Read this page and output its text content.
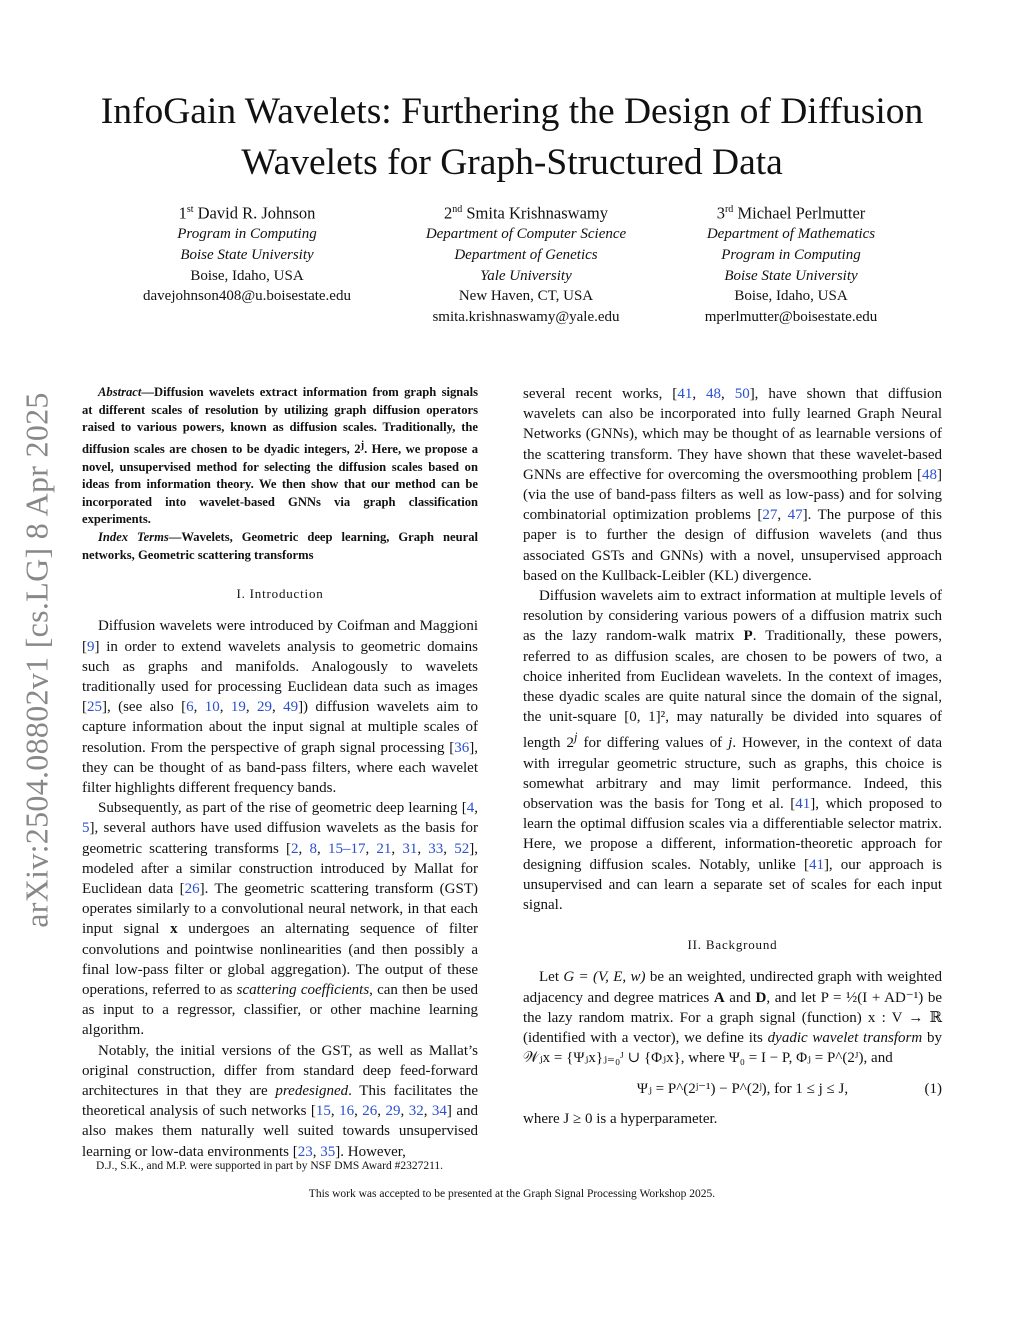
arXiv:2504.08802v1 [cs.LG] 8 Apr 2025
InfoGain Wavelets: Furthering the Design of Diffusion Wavelets for Graph-Structured Data
1st David R. Johnson
Program in Computing
Boise State University
Boise, Idaho, USA
davejohnson408@u.boisestate.edu
2nd Smita Krishnaswamy
Department of Computer Science
Department of Genetics
Yale University
New Haven, CT, USA
smita.krishnaswamy@yale.edu
3rd Michael Perlmutter
Department of Mathematics
Program in Computing
Boise State University
Boise, Idaho, USA
mperlmutter@boisestate.edu

Abstract—Diffusion wavelets extract information from graph signals at different scales of resolution by utilizing graph diffusion operators raised to various powers, known as diffusion scales. Traditionally, the diffusion scales are chosen to be dyadic integers, 2$^j$. Here, we propose a novel, unsupervised method for selecting the diffusion scales based on ideas from information theory. We then show that our method can be incorporated into wavelet-based GNNs via graph classification experiments.

Index Terms—Wavelets, Geometric deep learning, Graph neural networks, Geometric scattering transforms

I. Introduction

Diffusion wavelets were introduced by Coifman and Maggioni [9] in order to extend wavelets analysis to geometric domains such as graphs and manifolds. Analogously to wavelets traditionally used for processing Euclidean data such as images [25], (see also [6, 10, 19, 29, 49]) diffusion wavelets aim to capture information about the input signal at multiple scales of resolution. From the perspective of graph signal processing [36], they can be thought of as band-pass filters, where each wavelet filter highlights different frequency bands.

Subsequently, as part of the rise of geometric deep learning [4, 5], several authors have used diffusion wavelets as the basis for geometric scattering transforms [2, 8, 15–17, 21, 31, 33, 52], modeled after a similar construction introduced by Mallat for Euclidean data [26]. The geometric scattering transform (GST) operates similarly to a convolutional neural network, in that each input signal x undergoes an alternating sequence of filter convolutions and pointwise nonlinearities (and then possibly a final low-pass filter or global aggregation). The output of these operations, referred to as scattering coefficients, can then be used as input to a regressor, classifier, or other machine learning algorithm.

Notably, the initial versions of the GST, as well as Mallat’s original construction, differ from standard deep feed-forward architectures in that they are predesigned. This facilitates the theoretical analysis of such networks [15, 16, 26, 29, 32, 34] and also makes them naturally well suited towards unsupervised learning or low-data environments [23, 35]. However,

several recent works, [41, 48, 50], have shown that diffusion wavelets can also be incorporated into fully learned Graph Neural Networks (GNNs), which may be thought of as learnable versions of the scattering transform. They have shown that these wavelet-based GNNs are effective for overcoming the oversmoothing problem [48] (via the use of band-pass filters as well as low-pass) and for solving combinatorial optimization problems [27, 47]. The purpose of this paper is to further the design of diffusion wavelets (and thus associated GSTs and GNNs) with a novel, unsupervised approach based on the Kullback-Leibler (KL) divergence.

Diffusion wavelets aim to extract information at multiple levels of resolution by considering various powers of a diffusion matrix such as the lazy random-walk matrix P. Traditionally, these powers, referred to as diffusion scales, are chosen to be powers of two, a choice inherited from Euclidean wavelets. In the context of images, these dyadic scales are quite natural since the domain of the signal, the unit-square [0, 1]², may naturally be divided into squares of length 2$^j$ for differing values of j. However, in the context of data with irregular geometric structure, such as graphs, this choice is somewhat arbitrary and may limit performance. Indeed, this observation was the basis for Tong et al. [41], which proposed to learn the optimal diffusion scales via a differentiable selector matrix. Here, we propose a different, information-theoretic approach for designing diffusion scales. Notably, unlike [41], our approach is unsupervised and can learn a separate set of scales for each input signal.

II. Background

Let G = (V, E, w) be an weighted, undirected graph with weighted adjacency and degree matrices A and D, and let P = ½(I + AD⁻¹) be the lazy random matrix. For a graph signal (function) x : V → ℝ (identified with a vector), we define its dyadic wavelet transform by 𝒲ⱼx = {Ψⱼx}ⱼ₌₀ᴶ ∪ {Φⱼx}, where Ψ₀ = I − P, Φⱼ = P^(2ᴶ), and

Ψⱼ = P^(2ʲ⁻¹) − P^(2ʲ), for 1 ≤ j ≤ J,	(1)

where J ≥ 0 is a hyperparameter.

D.J., S.K., and M.P. were supported in part by NSF DMS Award #2327211.
This work was accepted to be presented at the Graph Signal Processing Workshop 2025.
